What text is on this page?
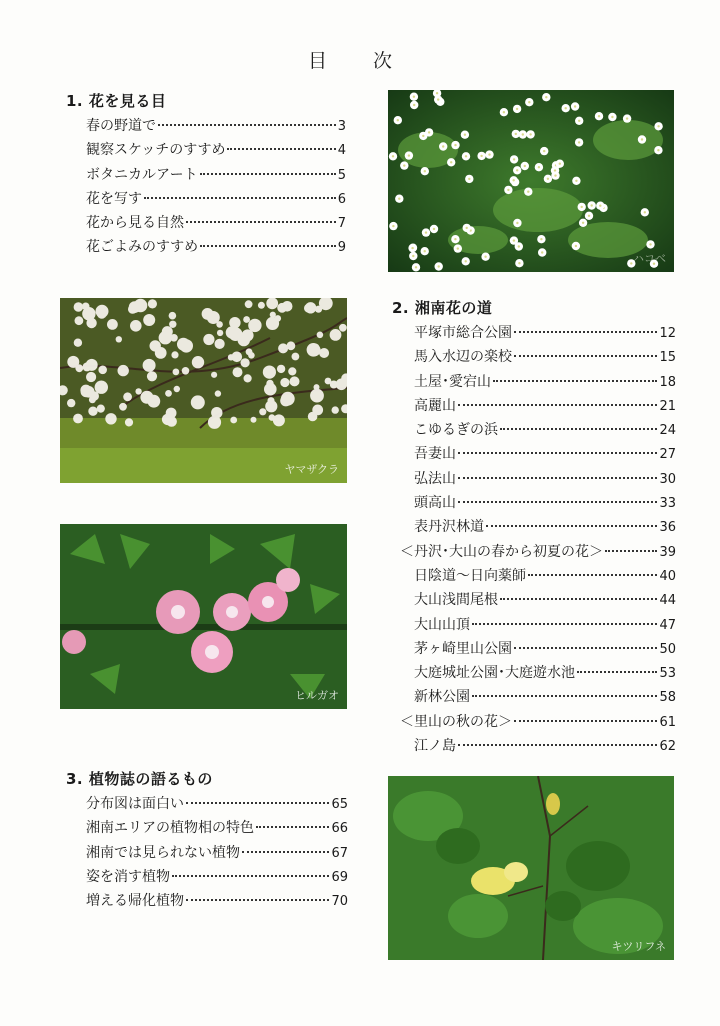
目 次
1. 花を見る目
春の野道で	3
観察スケッチのすすめ	4
ボタニカルアート	5
花を写す	6
花から見る自然	7
花ごよみのすすめ	9
2. 湘南花の道
平塚市総合公園	12
馬入水辺の楽校	15
土屋･愛宕山	18
高麗山	21
こゆるぎの浜	24
吾妻山	27
弘法山	30
頭高山	33
表丹沢林道	36
＜丹沢･大山の春から初夏の花＞	39
日陰道～日向薬師	40
大山浅間尾根	44
大山山頂	47
茅ヶ崎里山公園	50
大庭城址公園･大庭遊水池	53
新林公園	58
＜里山の秋の花＞	61
江ノ島	62
3. 植物誌の語るもの
分布図は面白い	65
湘南エリアの植物相の特色	66
湘南では見られない植物	67
姿を消す植物	69
増える帰化植物	70
ハコベ
ヤマザクラ
ヒルガオ
キツリフネ
